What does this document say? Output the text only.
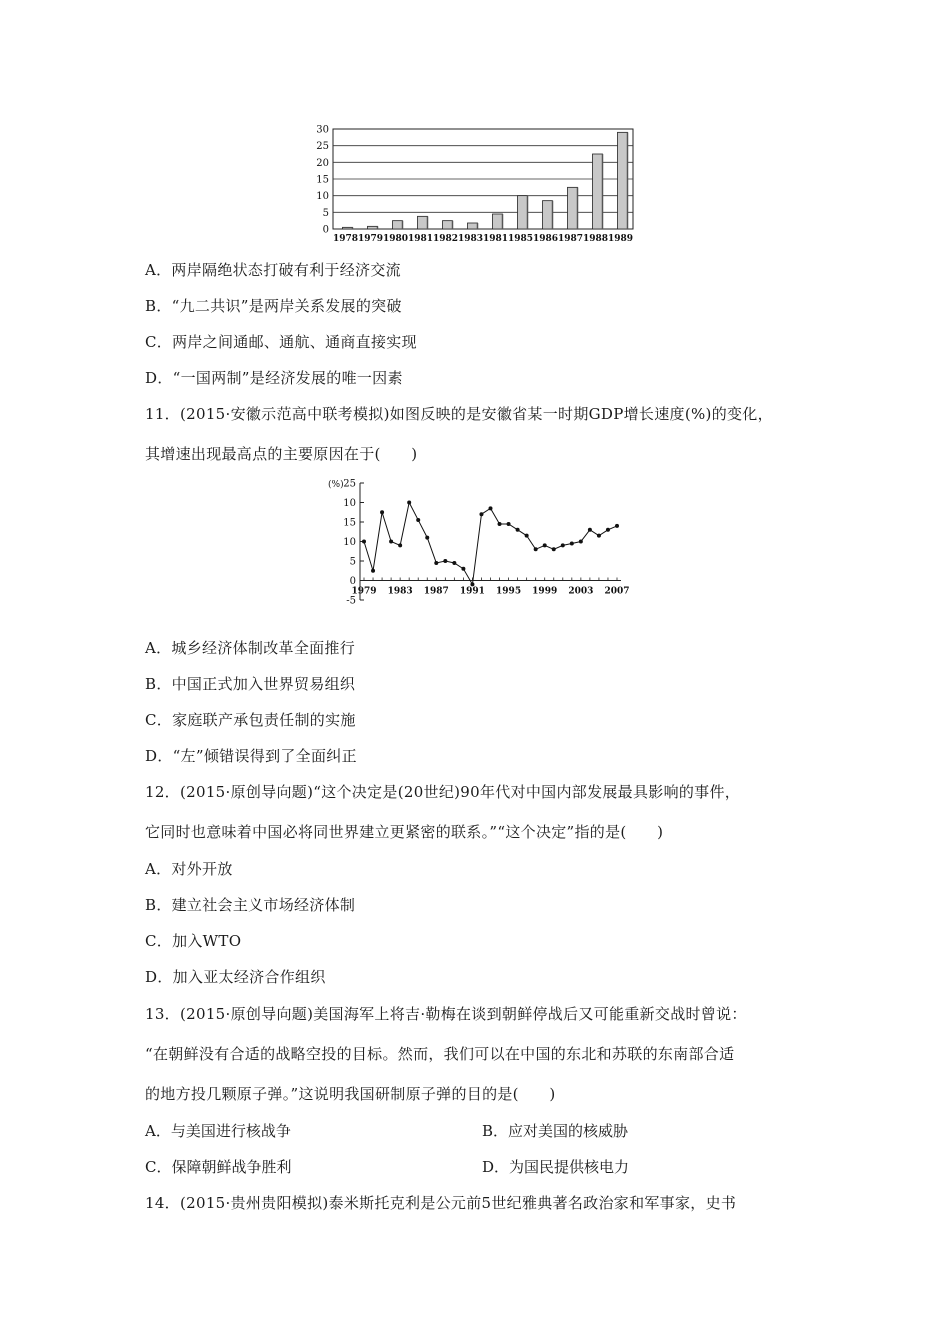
0
5
10
15
20
25
30
1978 1979 1980 1981 1982 1983 1981 1985 1986 1987 1988 1989
A．两岸隔绝状态打破有利于经济交流
B．“九二共识”是两岸关系发展的突破
C．两岸之间通邮、通航、通商直接实现
D．“一国两制”是经济发展的唯一因素
11．(2015·安徽示范高中联考模拟)如图反映的是安徽省某一时期GDP增长速度(%)的变化，
其增速出现最高点的主要原因在于(　　)
(%)
-5
0
5
10
15
10
25
1979 1983 1987 1991 1995 1999 2003 2007
A．城乡经济体制改革全面推行
B．中国正式加入世界贸易组织
C．家庭联产承包责任制的实施
D．“左”倾错误得到了全面纠正
12．(2015·原创导向题)“这个决定是(20世纪)90年代对中国内部发展最具影响的事件，
它同时也意味着中国必将同世界建立更紧密的联系。”“这个决定”指的是(　　)
A．对外开放
B．建立社会主义市场经济体制
C．加入WTO
D．加入亚太经济合作组织
13．(2015·原创导向题)美国海军上将吉·勒梅在谈到朝鲜停战后又可能重新交战时曾说：
“在朝鲜没有合适的战略空投的目标。然而，我们可以在中国的东北和苏联的东南部合适
的地方投几颗原子弹。”这说明我国研制原子弹的目的是(　　)
A．与美国进行核战争	B．应对美国的核威胁
C．保障朝鲜战争胜利	D．为国民提供核电力
14．(2015·贵州贵阳模拟)泰米斯托克利是公元前5世纪雅典著名政治家和军事家，史书
